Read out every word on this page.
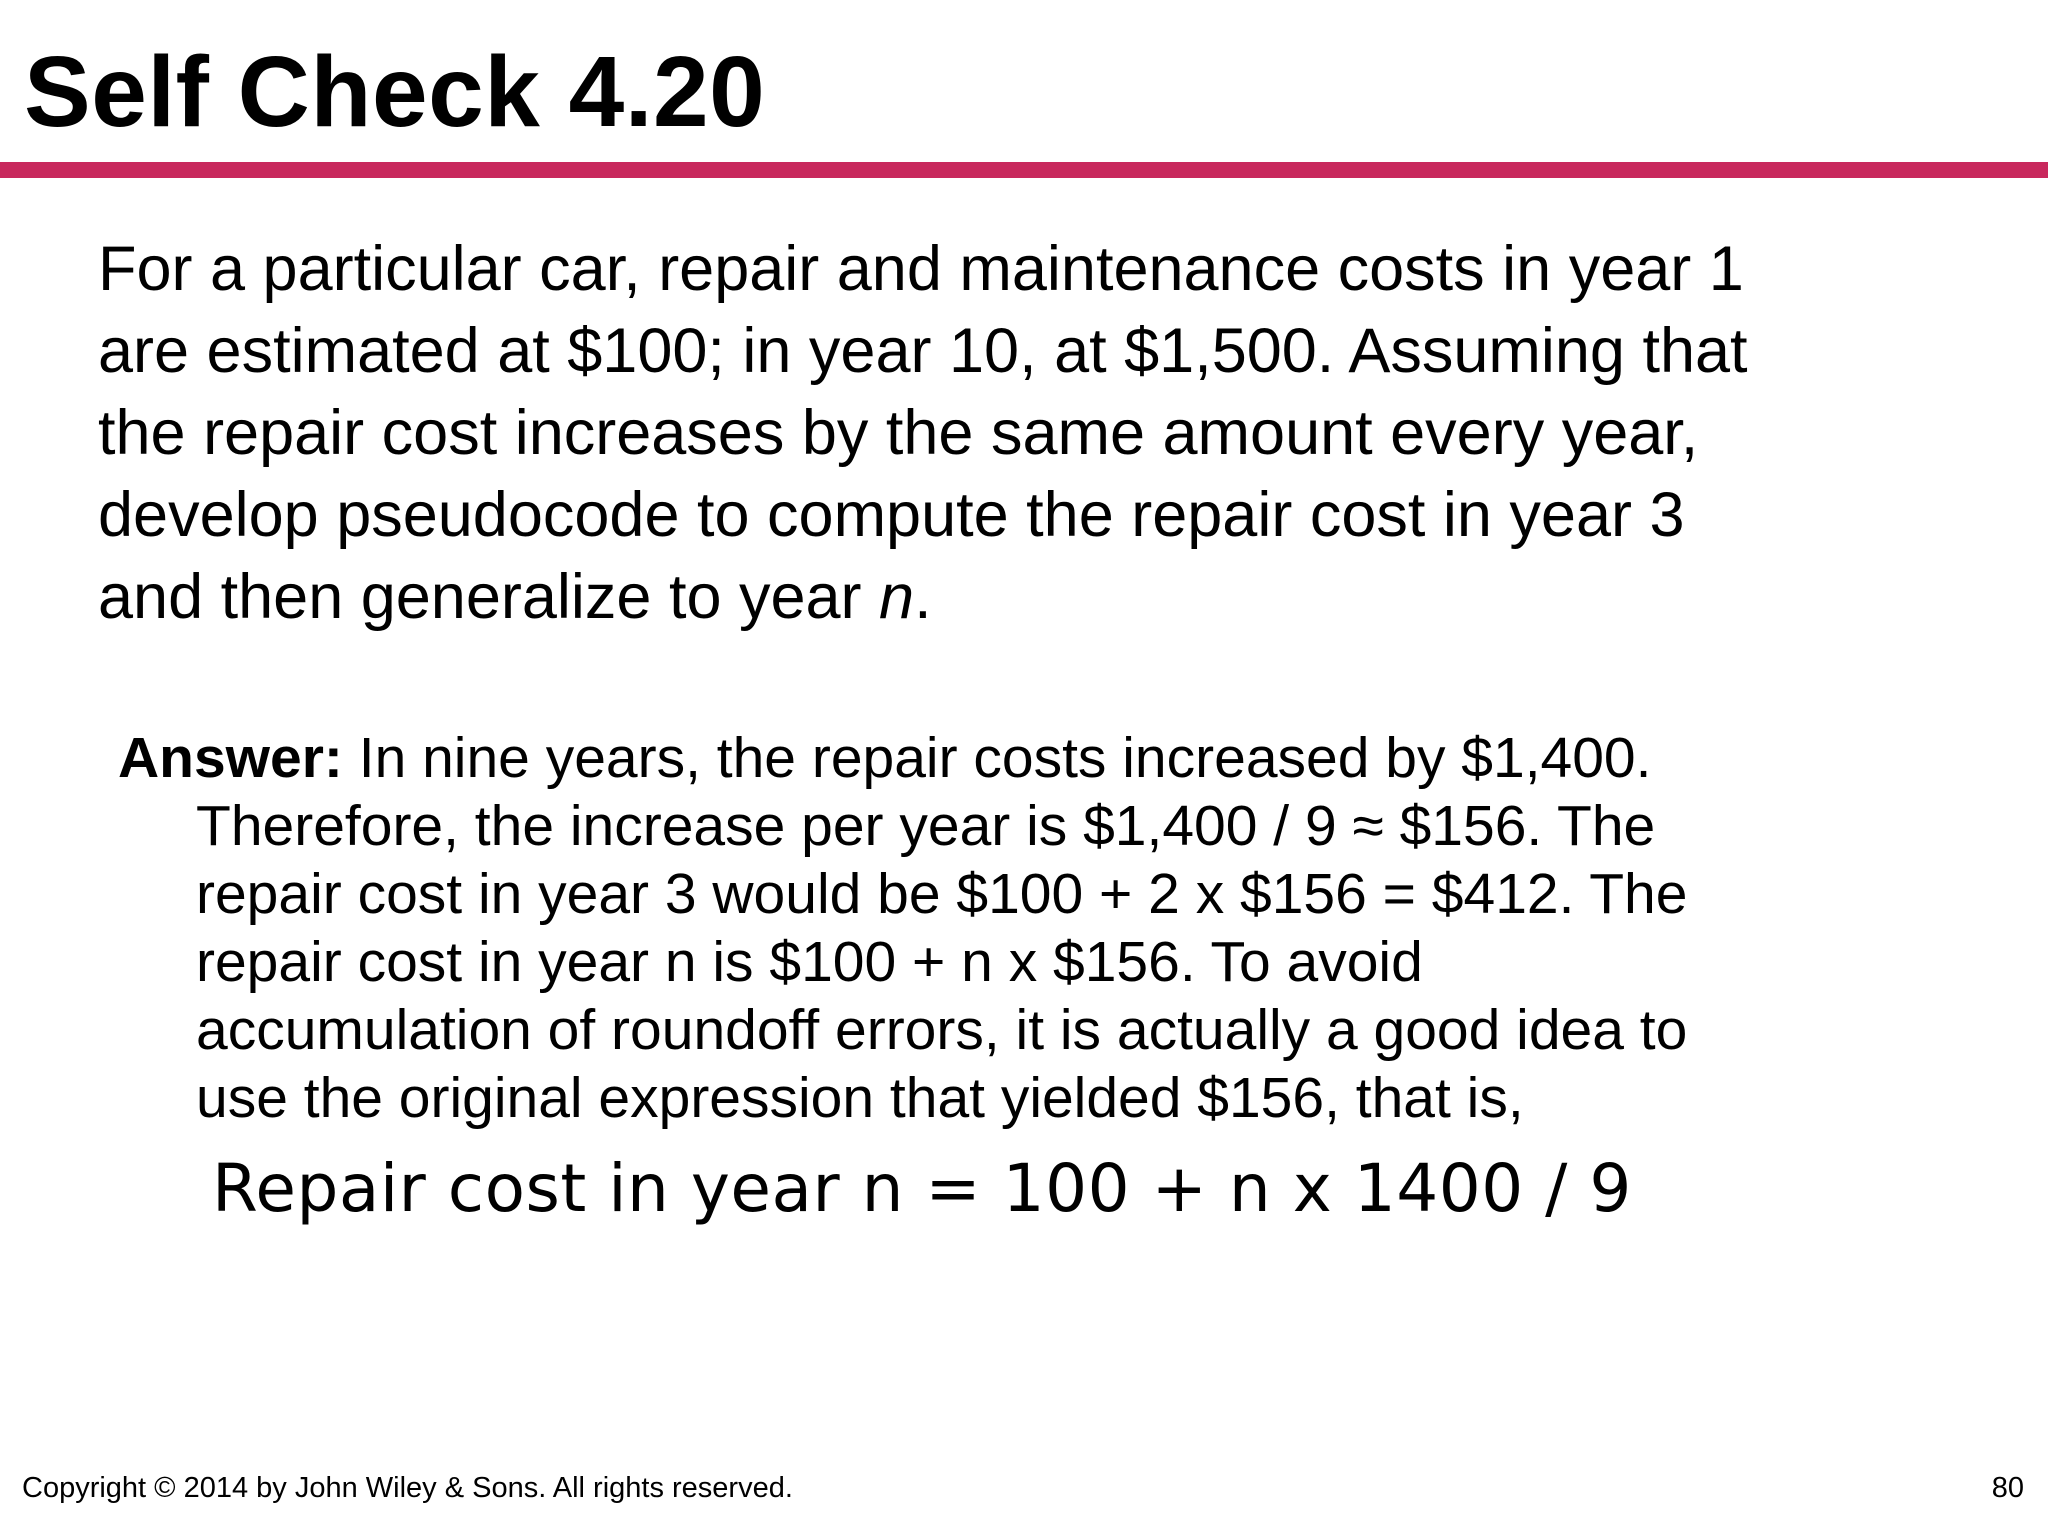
Self Check 4.20

For a particular car, repair and maintenance costs in year 1

are estimated at $100; in year 10, at $1,500. Assuming that

the repair cost increases by the same amount every year,

develop pseudocode to compute the repair cost in year 3

and then generalize to year n.

Answer: In nine years, the repair costs increased by $1,400.

Therefore, the increase per year is $1,400 / 9 ≈ $156. The

repair cost in year 3 would be $100 + 2 x $156 = $412. The

repair cost in year n is $100 + n x $156. To avoid

accumulation of roundoff errors, it is actually a good idea to

use the original expression that yielded $156, that is,

Repair cost in year n = 100 + n x 1400 / 9

Copyright © 2014 by John Wiley & Sons. All rights reserved.	80
